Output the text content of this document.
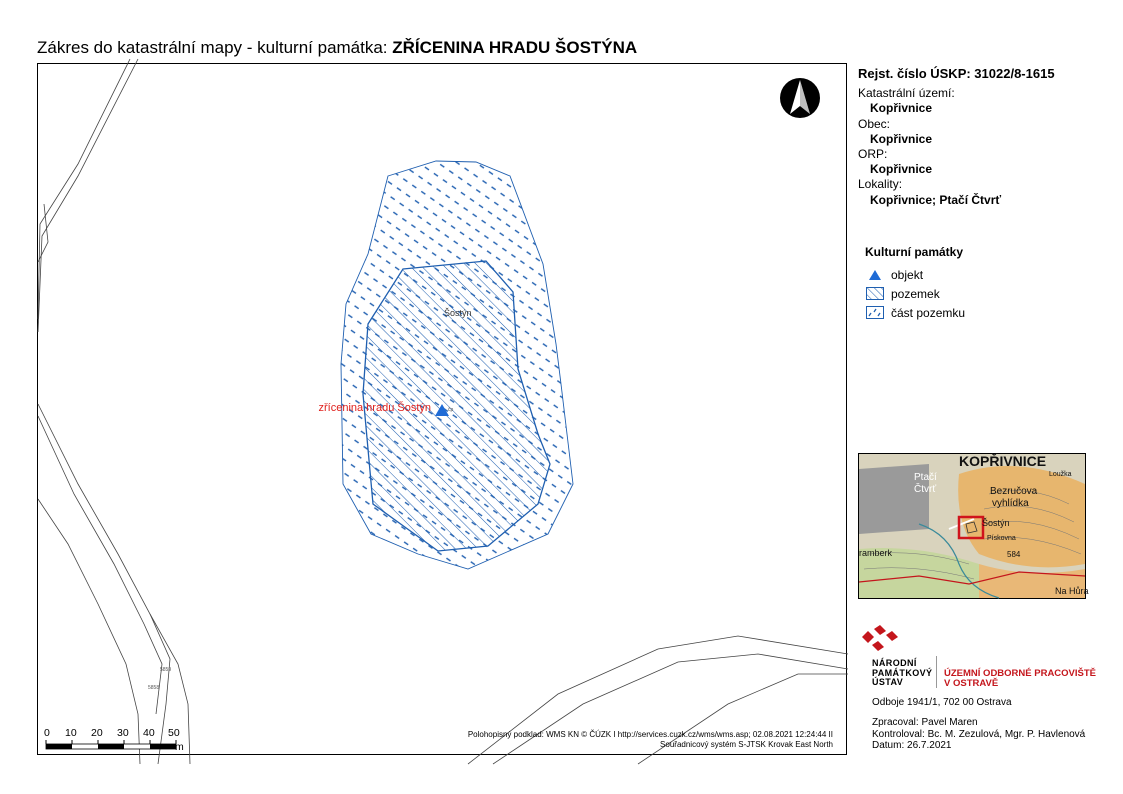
Zákres do katastrální mapy - kulturní památka: ZŘÍCENINA HRADU ŠOSTÝNA
5859
5858
Šostýn
zřícenina hradu Šostýn	čp
0 10 20 30 40 50
m
Polohopisný podklad: WMS KN © ČÚZK I http://services.cuzk.cz/wms/wms.asp; 02.08.2021 12:24:44 II
Souřadnicový systém S-JTSK Krovak East North
Rejst. číslo ÚSKP: 31022/8-1615
Katastrální území:
Kopřivnice
Obec:
Kopřivnice
ORP:
Kopřivnice
Lokality:
Kopřivnice; Ptačí Čtvrť
Kulturní památky
objekt
pozemek
část pozemku
KOPŘIVNICE
Loužka
Ptačí
Čtvrť	Bezručova
vyhlídka
Šostýn
Pískovna
584
ramberk
Na Hůra
NÁRODNÍ
PAMÁTKOVÝ
ÚSTAV
ÚZEMNÍ ODBORNÉ PRACOVIŠTĚ
V OSTRAVĚ
Odboje 1941/1, 702 00 Ostrava
Zpracoval: Pavel Maren
Kontroloval: Bc. M. Zezulová, Mgr. P. Havlenová
Datum: 26.7.2021
